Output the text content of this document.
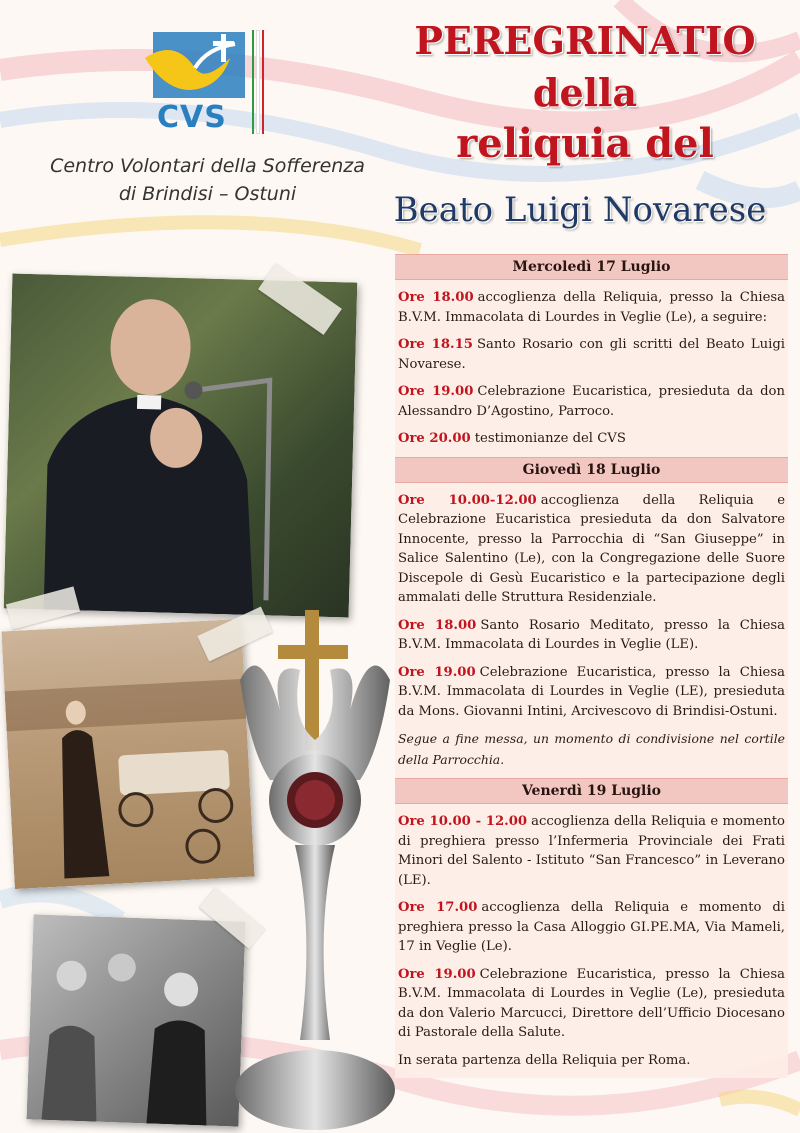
CVS
Centro Volontari della Sofferenza
di Brindisi – Ostuni
PEREGRINATIO
della
reliquia del
Beato Luigi Novarese
Mercoledì 17 Luglio

Ore 18.00 accoglienza della Reliquia, presso la Chiesa B.V.M. Immacolata di Lourdes in Veglie (Le), a seguire:

Ore 18.15 Santo Rosario con gli scritti del Beato Luigi Novarese.

Ore 19.00 Celebrazione Eucaristica, presieduta da don Alessandro D’Agostino, Parroco.

Ore 20.00 testimonianze del CVS

Giovedì 18 Luglio

Ore 10.00-12.00 accoglienza della Reliquia e Celebrazione Eucaristica presieduta da don Salvatore Innocente, presso la Parrocchia di “San Giuseppe” in Salice Salentino (Le), con la Congregazione delle Suore Discepole di Gesù Eucaristico e la partecipazione degli ammalati delle Struttura Residenziale.

Ore 18.00 Santo Rosario Meditato, presso la Chiesa B.V.M. Immacolata di Lourdes in Veglie (LE).

Ore 19.00 Celebrazione Eucaristica, presso la Chiesa B.V.M. Immacolata di Lourdes in Veglie (LE), presieduta da Mons. Giovanni Intini, Arcivescovo di Brindisi-Ostuni.

Segue a fine messa, un momento di condivisione nel cortile della Parrocchia.

Venerdì 19 Luglio

Ore 10.00 - 12.00 accoglienza della Reliquia e momento di preghiera presso l’Infermeria Provinciale dei Frati Minori del Salento - Istituto “San Francesco” in Leverano (LE).

Ore 17.00 accoglienza della Reliquia e momento di preghiera presso la Casa Alloggio GI.PE.MA, Via Mameli, 17 in Veglie (Le).

Ore 19.00 Celebrazione Eucaristica, presso la Chiesa B.V.M. Immacolata di Lourdes in Veglie (Le), presieduta da don Valerio Marcucci, Direttore dell’Ufficio Diocesano di Pastorale della Salute.

In serata partenza della Reliquia per Roma.
